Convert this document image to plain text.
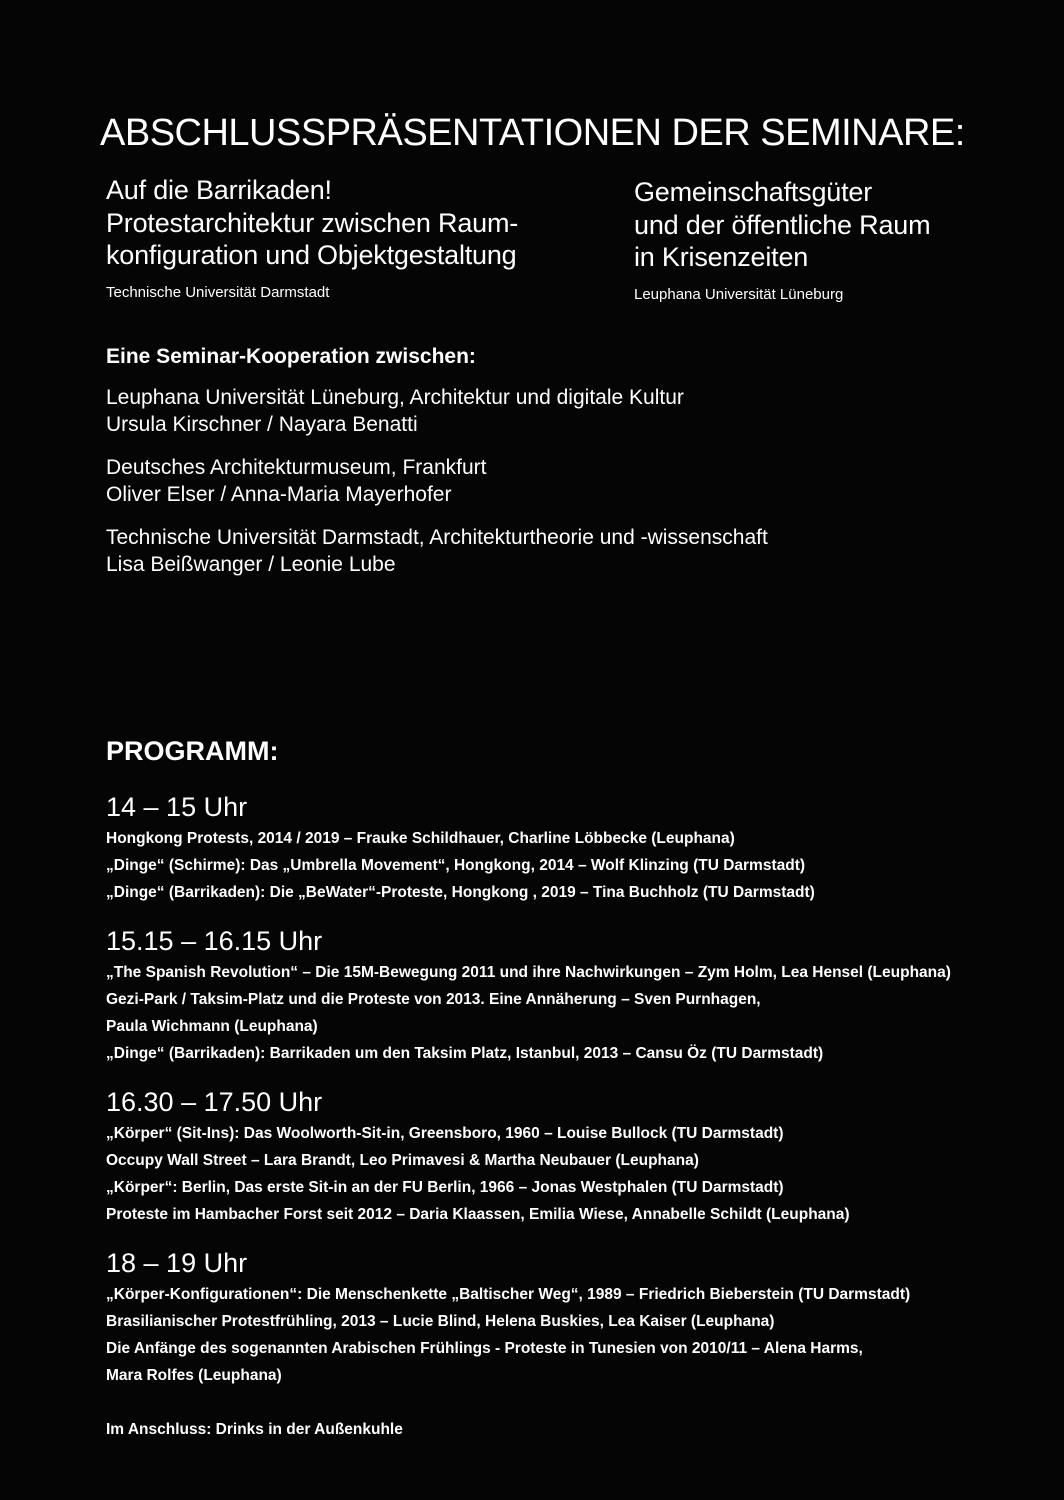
ABSCHLUSSPRÄSENTATIONEN DER SEMINARE:
Auf die Barrikaden!
Protestarchitektur zwischen Raum-
konfiguration und Objektgestaltung
Technische Universität Darmstadt
Gemeinschaftsgüter
und der öffentliche Raum
in Krisenzeiten
Leuphana Universität Lüneburg
Eine Seminar-Kooperation zwischen:
Leuphana Universität Lüneburg, Architektur und digitale Kultur
Ursula Kirschner / Nayara Benatti
Deutsches Architekturmuseum, Frankfurt
Oliver Elser / Anna-Maria Mayerhofer
Technische Universität Darmstadt, Architekturtheorie und -wissenschaft
Lisa Beißwanger / Leonie Lube
PROGRAMM:
14 – 15 Uhr
Hongkong Protests, 2014 / 2019 – Frauke Schildhauer, Charline Löbbecke (Leuphana)
„Dinge“ (Schirme): Das „Umbrella Movement“, Hongkong, 2014 – Wolf Klinzing (TU Darmstadt)
„Dinge“ (Barrikaden): Die „BeWater“-Proteste, Hongkong , 2019 – Tina Buchholz (TU Darmstadt)
15.15 – 16.15 Uhr
„The Spanish Revolution“ – Die 15M-Bewegung 2011 und ihre Nachwirkungen – Zym Holm, Lea Hensel (Leuphana)
Gezi-Park / Taksim-Platz und die Proteste von 2013. Eine Annäherung – Sven Purnhagen,
Paula Wichmann (Leuphana)
„Dinge“ (Barrikaden): Barrikaden um den Taksim Platz, Istanbul, 2013 – Cansu Öz (TU Darmstadt)
16.30 – 17.50 Uhr
„Körper“ (Sit-Ins): Das Woolworth-Sit-in, Greensboro, 1960 – Louise Bullock (TU Darmstadt)
Occupy Wall Street – Lara Brandt, Leo Primavesi & Martha Neubauer (Leuphana)
„Körper“: Berlin, Das erste Sit-in an der FU Berlin, 1966 – Jonas Westphalen (TU Darmstadt)
Proteste im Hambacher Forst seit 2012 – Daria Klaassen, Emilia Wiese, Annabelle Schildt (Leuphana)
18 – 19 Uhr
„Körper-Konfigurationen“: Die Menschenkette „Baltischer Weg“, 1989 – Friedrich Bieberstein (TU Darmstadt)
Brasilianischer Protestfrühling, 2013 – Lucie Blind, Helena Buskies, Lea Kaiser (Leuphana)
Die Anfänge des sogenannten Arabischen Frühlings - Proteste in Tunesien von 2010/11 – Alena Harms,
Mara Rolfes (Leuphana)
Im Anschluss: Drinks in der Außenkuhle
